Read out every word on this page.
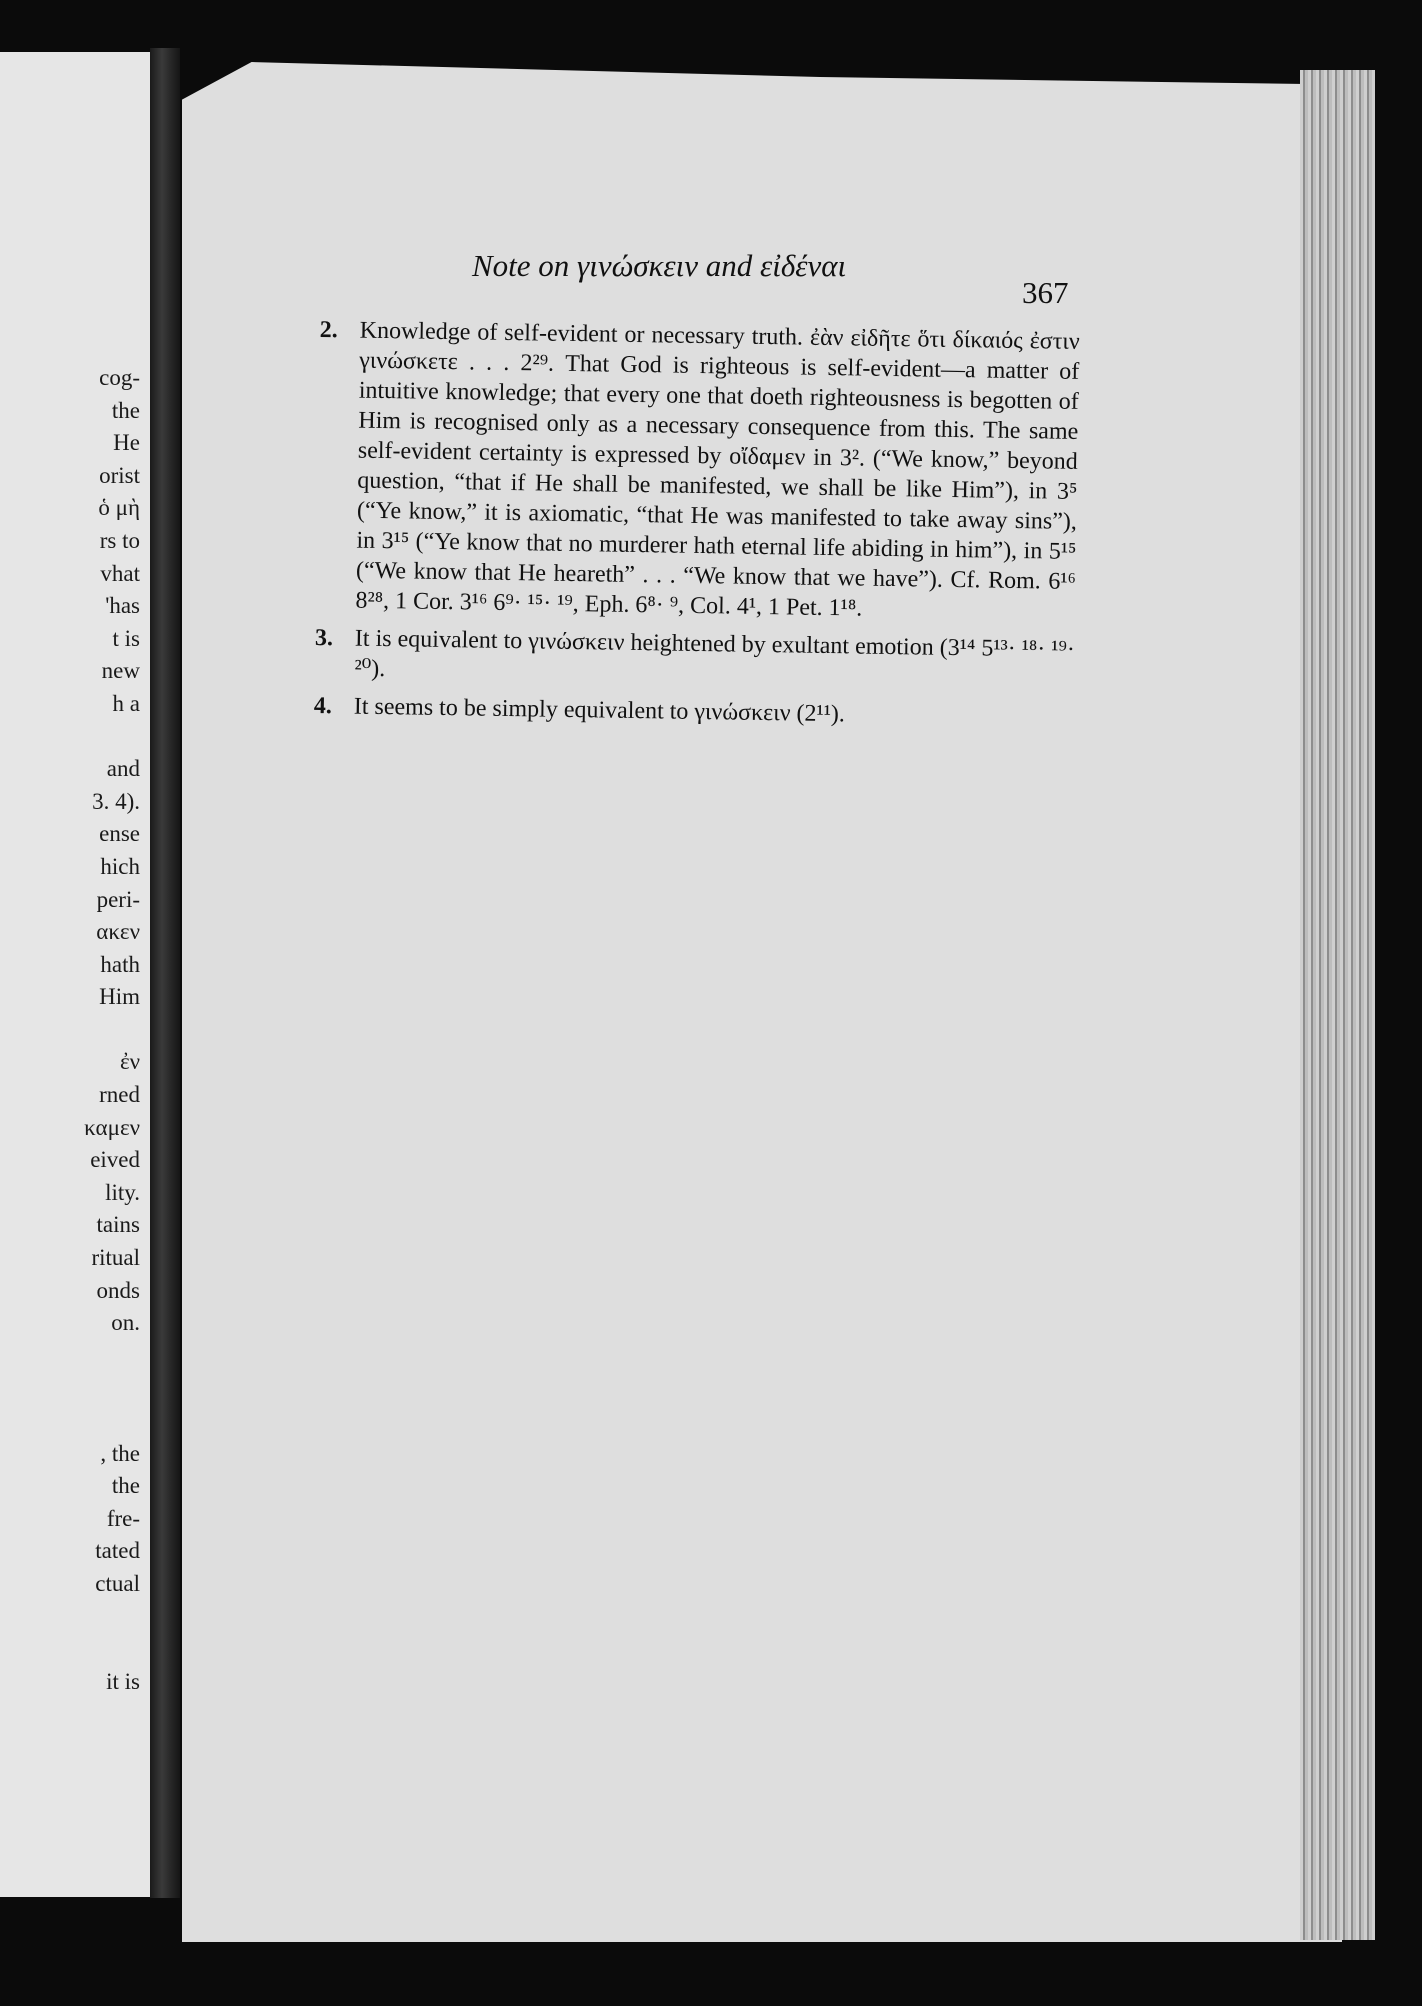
cog-
the
He
orist
ὁ μὴ
rs to
vhat
'has
t is
new
h a
and
3. 4).
ense
hich
peri-
ακεν
hath
Him
ἐν
rned
καμεν
eived
lity.
tains
ritual
onds
on.
, the
the
fre-
tated
ctual
it is
Note on γινώσκειν and εἰδέναι
367
2. Knowledge of self-evident or necessary truth. ἐὰν εἰδῆτε ὅτι δίκαιός ἐστιν γινώσκετε . . . 2²⁹. That God is righteous is self-evident—a matter of intuitive knowledge; that every one that doeth righteousness is begotten of Him is recognised only as a necessary consequence from this. The same self-evident certainty is expressed by οἴδαμεν in 3². (“We know,” beyond question, “that if He shall be manifested, we shall be like Him”), in 3⁵ (“Ye know,” it is axiomatic, “that He was manifested to take away sins”), in 3¹⁵ (“Ye know that no murderer hath eternal life abiding in him”), in 5¹⁵ (“We know that He heareth” . . . “We know that we have”). Cf. Rom. 6¹⁶ 8²⁸, 1 Cor. 3¹⁶ 6⁹· ¹⁵· ¹⁹, Eph. 6⁸· ⁹, Col. 4¹, 1 Pet. 1¹⁸.
3. It is equivalent to γινώσκειν heightened by exultant emotion (3¹⁴ 5¹³· ¹⁸· ¹⁹· ²⁰).
4. It seems to be simply equivalent to γινώσκειν (2¹¹).
